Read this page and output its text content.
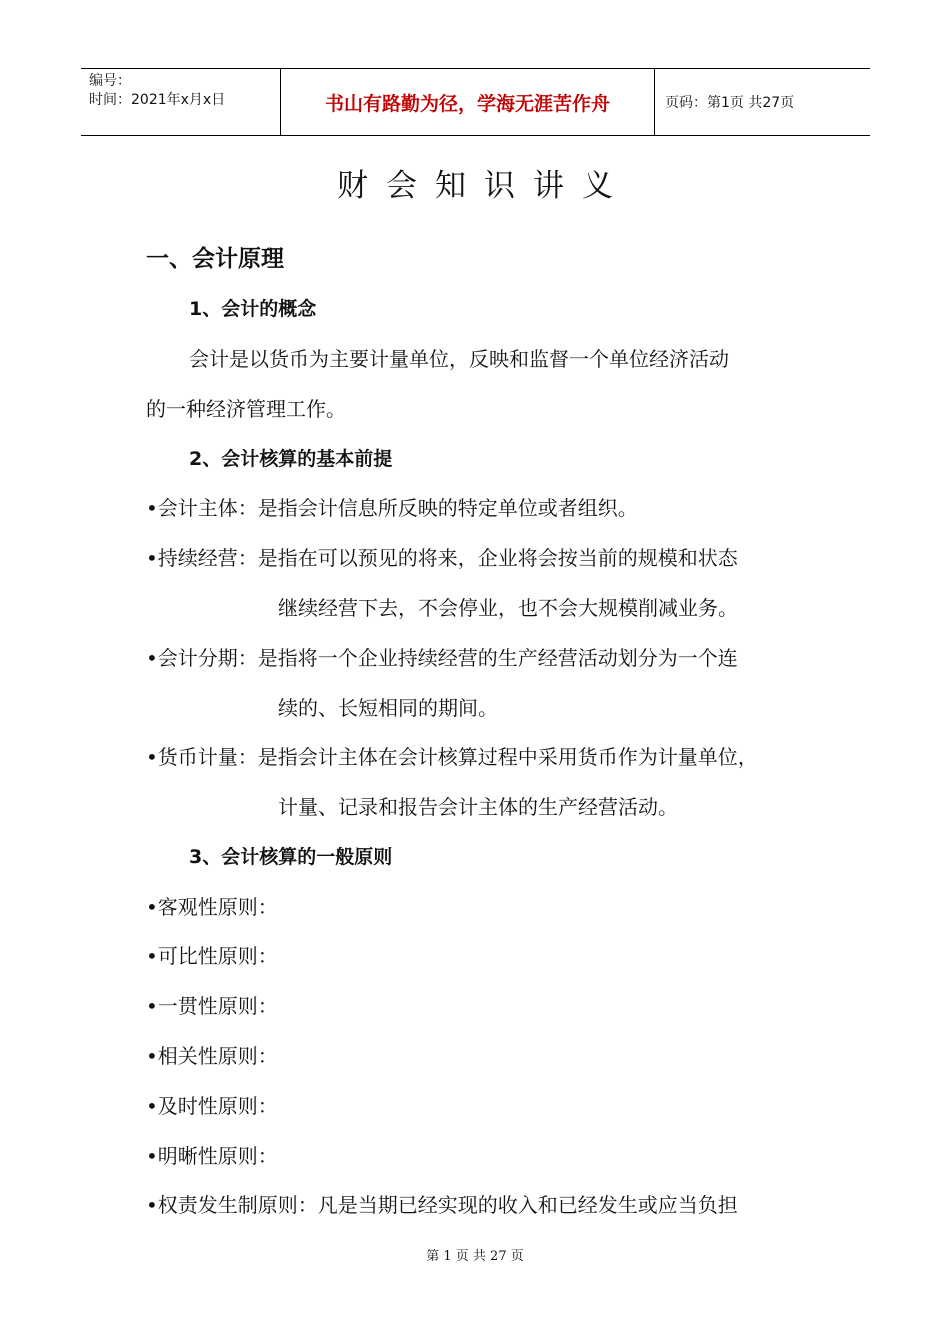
编号：
时间：2021年x月x日	书山有路勤为径，学海无涯苦作舟	页码：第1页 共27页
财会知识讲义
一、会计原理
1、会计的概念
会计是以货币为主要计量单位，反映和监督一个单位经济活动
的一种经济管理工作。
2、会计核算的基本前提
•会计主体：是指会计信息所反映的特定单位或者组织。
•持续经营：是指在可以预见的将来，企业将会按当前的规模和状态
继续经营下去，不会停业，也不会大规模削减业务。
•会计分期：是指将一个企业持续经营的生产经营活动划分为一个连
续的、长短相同的期间。
•货币计量：是指会计主体在会计核算过程中采用货币作为计量单位，
计量、记录和报告会计主体的生产经营活动。
3、会计核算的一般原则
•客观性原则：
•可比性原则：
•一贯性原则：
•相关性原则：
•及时性原则：
•明晰性原则：
•权责发生制原则：凡是当期已经实现的收入和已经发生或应当负担
第 1 页 共 27 页
